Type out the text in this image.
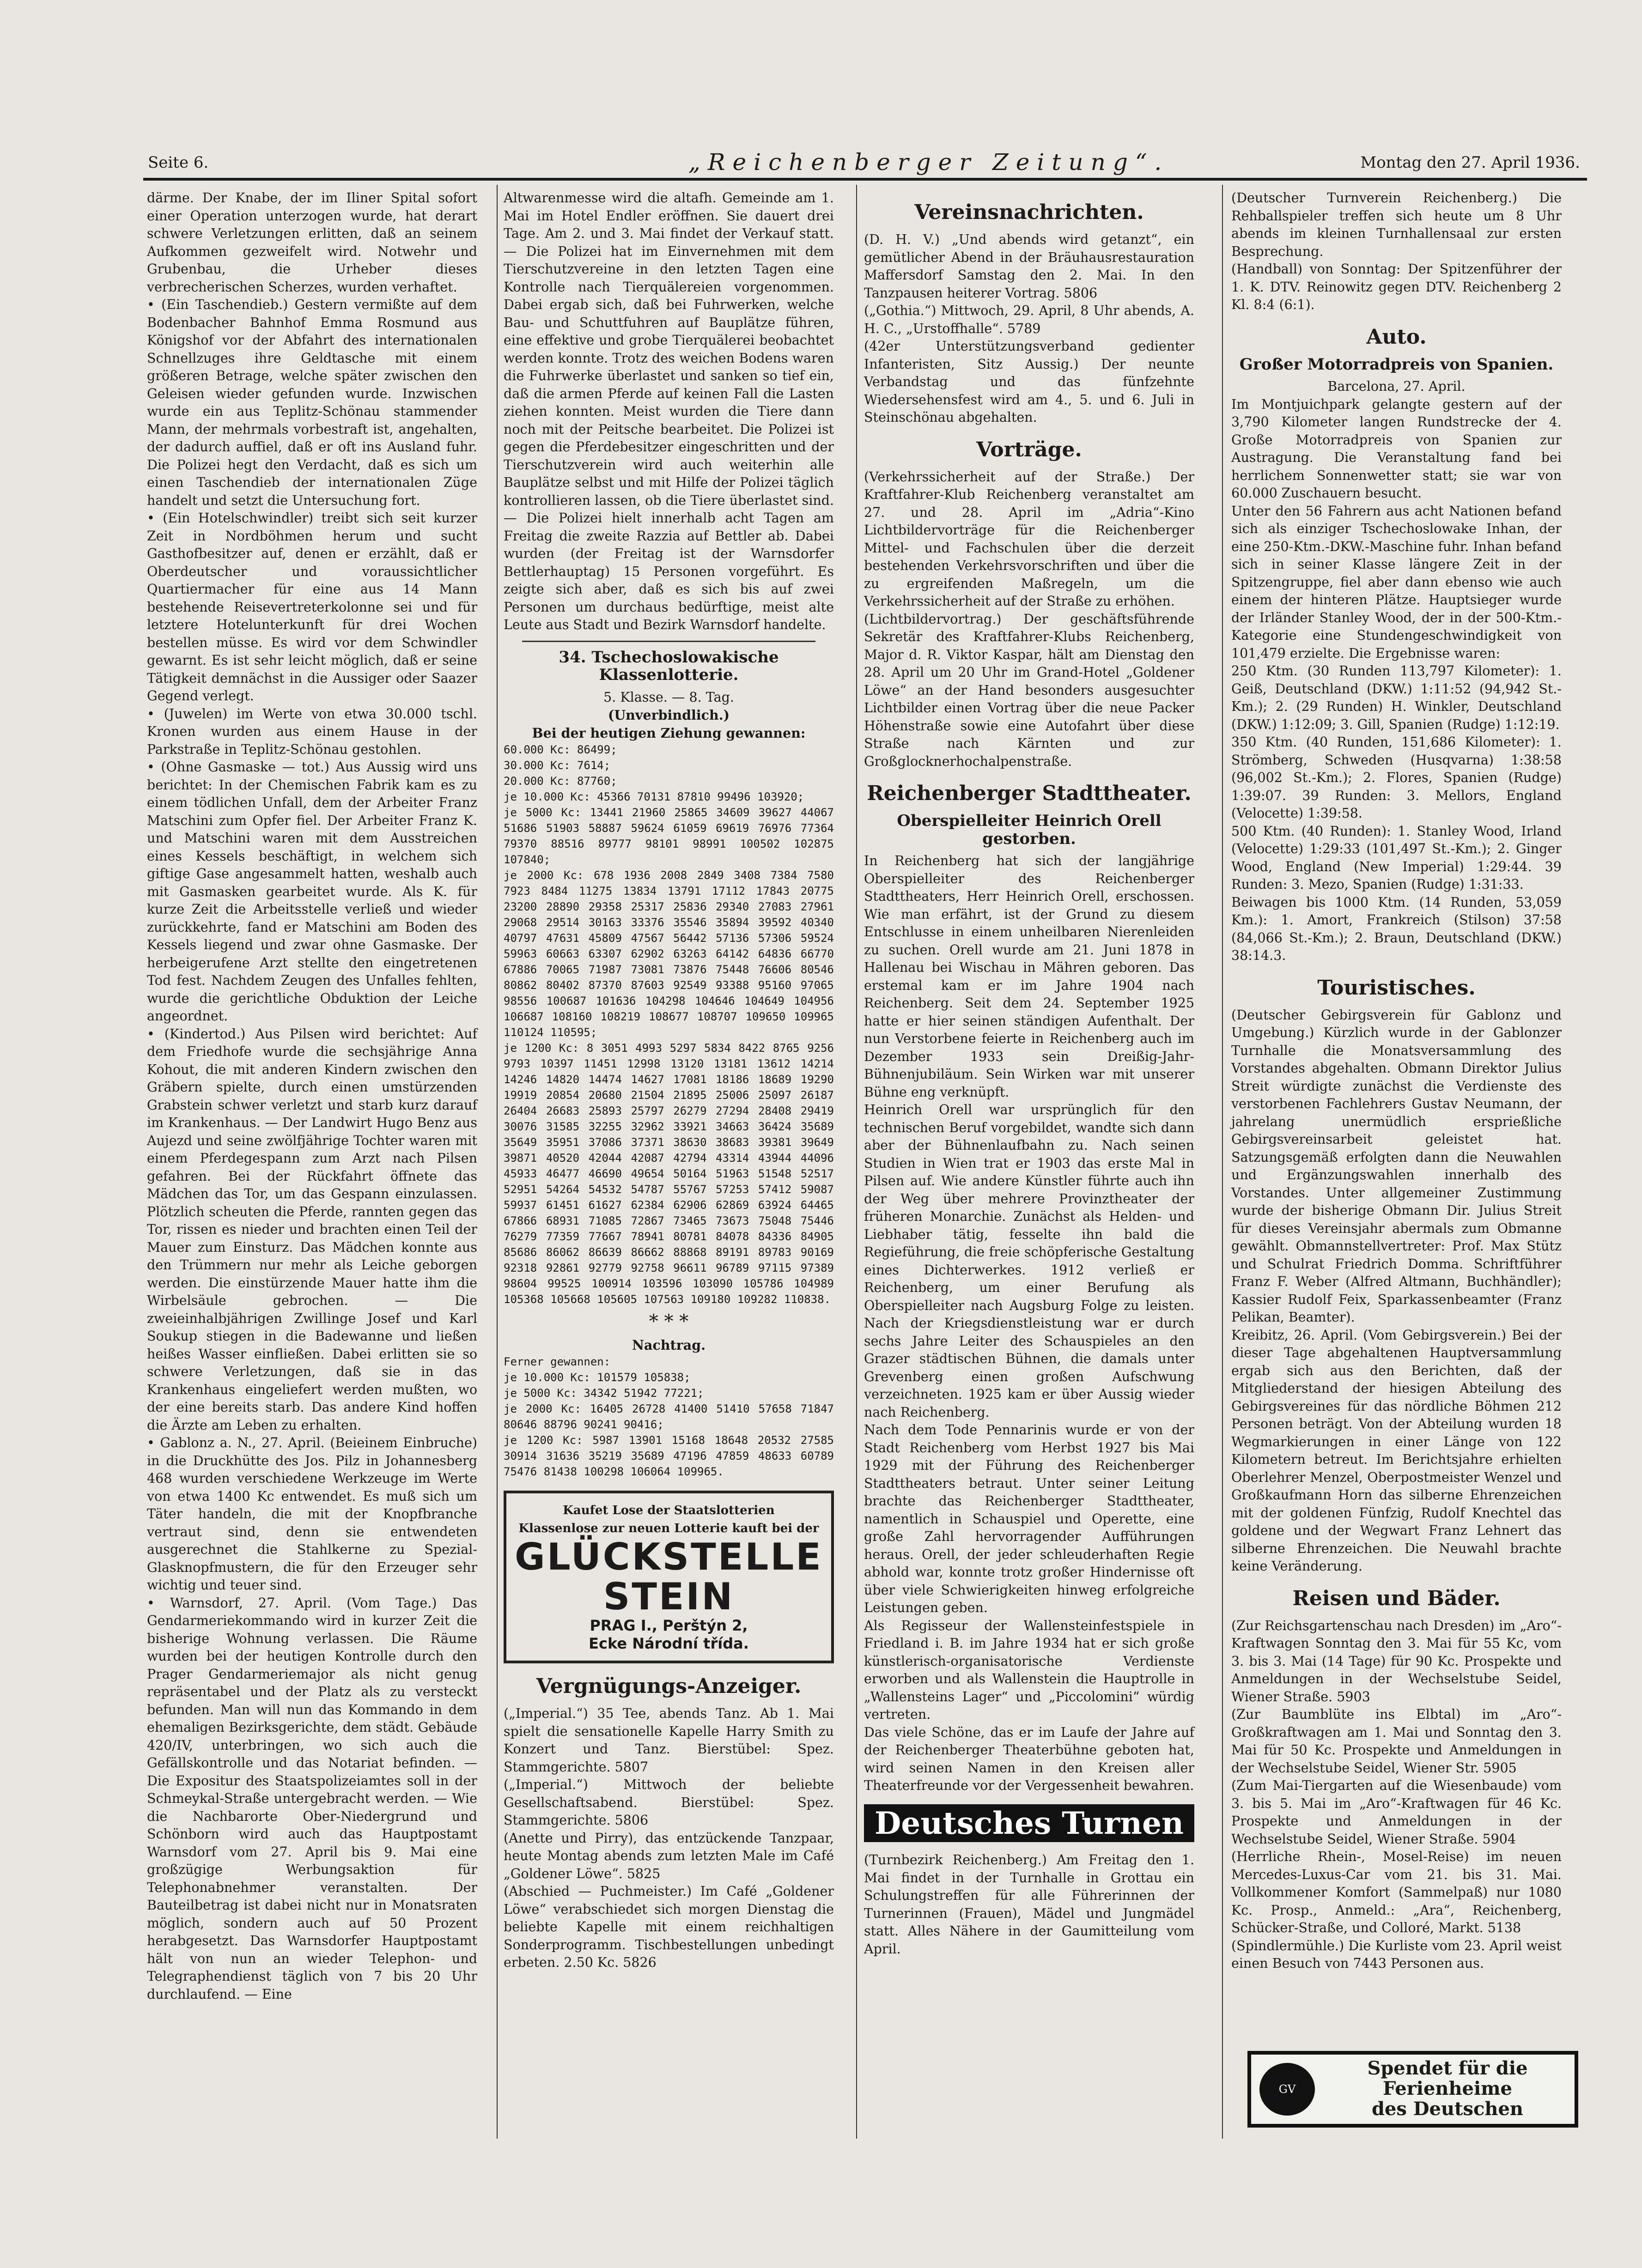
Seite 6.	„Reichenberger Zeitung“.	Montag den 27. April 1936.

därme. Der Knabe, der im Iliner Spital sofort einer Operation unterzogen wurde, hat derart schwere Verletzungen erlitten, daß an seinem Aufkommen gezweifelt wird. Notwehr und Grubenbau, die Urheber dieses verbrecherischen Scherzes, wurden verhaftet.

• (Ein Taschendieb.) Gestern vermißte auf dem Bodenbacher Bahnhof Emma Rosmund aus Königshof vor der Abfahrt des internationalen Schnellzuges ihre Geldtasche mit einem größeren Betrage, welche später zwischen den Geleisen wieder gefunden wurde. Inzwischen wurde ein aus Teplitz-Schönau stammender Mann, der mehrmals vorbestraft ist, angehalten, der dadurch auffiel, daß er oft ins Ausland fuhr. Die Polizei hegt den Verdacht, daß es sich um einen Taschendieb der internationalen Züge handelt und setzt die Untersuchung fort.

• (Ein Hotelschwindler) treibt sich seit kurzer Zeit in Nordböhmen herum und sucht Gasthofbesitzer auf, denen er erzählt, daß er Oberdeutscher und voraussichtlicher Quartiermacher für eine aus 14 Mann bestehende Reisevertreterkolonne sei und für letztere Hotelunterkunft für drei Wochen bestellen müsse. Es wird vor dem Schwindler gewarnt. Es ist sehr leicht möglich, daß er seine Tätigkeit demnächst in die Aussiger oder Saazer Gegend verlegt.

• (Juwelen) im Werte von etwa 30.000 tschl. Kronen wurden aus einem Hause in der Parkstraße in Teplitz-Schönau gestohlen.

• (Ohne Gasmaske — tot.) Aus Aussig wird uns berichtet: In der Chemischen Fabrik kam es zu einem tödlichen Unfall, dem der Arbeiter Franz Matschini zum Opfer fiel. Der Arbeiter Franz K. und Matschini waren mit dem Ausstreichen eines Kessels beschäftigt, in welchem sich giftige Gase angesammelt hatten, weshalb auch mit Gasmasken gearbeitet wurde. Als K. für kurze Zeit die Arbeitsstelle verließ und wieder zurückkehrte, fand er Matschini am Boden des Kessels liegend und zwar ohne Gasmaske. Der herbeigerufene Arzt stellte den eingetretenen Tod fest. Nachdem Zeugen des Unfalles fehlten, wurde die gerichtliche Obduktion der Leiche angeordnet.

• (Kindertod.) Aus Pilsen wird berichtet: Auf dem Friedhofe wurde die sechsjährige Anna Kohout, die mit anderen Kindern zwischen den Gräbern spielte, durch einen umstürzenden Grabstein schwer verletzt und starb kurz darauf im Krankenhaus. — Der Landwirt Hugo Benz aus Aujezd und seine zwölfjährige Tochter waren mit einem Pferdegespann zum Arzt nach Pilsen gefahren. Bei der Rückfahrt öffnete das Mädchen das Tor, um das Gespann einzulassen. Plötzlich scheuten die Pferde, rannten gegen das Tor, rissen es nieder und brachten einen Teil der Mauer zum Einsturz. Das Mädchen konnte aus den Trümmern nur mehr als Leiche geborgen werden. Die einstürzende Mauer hatte ihm die Wirbelsäule gebrochen. — Die zweieinhalbjährigen Zwillinge Josef und Karl Soukup stiegen in die Badewanne und ließen heißes Wasser einfließen. Dabei erlitten sie so schwere Verletzungen, daß sie in das Krankenhaus eingeliefert werden mußten, wo der eine bereits starb. Das andere Kind hoffen die Ärzte am Leben zu erhalten.

• Gablonz a. N., 27. April. (Beieinem Einbruche) in die Druckhütte des Jos. Pilz in Johannesberg 468 wurden verschiedene Werkzeuge im Werte von etwa 1400 Kc entwendet. Es muß sich um Täter handeln, die mit der Knopfbranche vertraut sind, denn sie entwendeten ausgerechnet die Stahlkerne zu Spezial-Glasknopfmustern, die für den Erzeuger sehr wichtig und teuer sind.

• Warnsdorf, 27. April. (Vom Tage.) Das Gendarmeriekommando wird in kurzer Zeit die bisherige Wohnung verlassen. Die Räume wurden bei der heutigen Kontrolle durch den Prager Gendarmeriemajor als nicht genug repräsentabel und der Platz als zu versteckt befunden. Man will nun das Kommando in dem ehemaligen Bezirksgerichte, dem städt. Gebäude 420/IV, unterbringen, wo sich auch die Gefällskontrolle und das Notariat befinden. — Die Expositur des Staatspolizeiamtes soll in der Schmeykal-Straße untergebracht werden. — Wie die Nachbarorte Ober-Niedergrund und Schönborn wird auch das Hauptpostamt Warnsdorf vom 27. April bis 9. Mai eine großzügige Werbungsaktion für Telephonabnehmer veranstalten. Der Bauteilbetrag ist dabei nicht nur in Monatsraten möglich, sondern auch auf 50 Prozent herabgesetzt. Das Warnsdorfer Hauptpostamt hält von nun an wieder Telephon- und Telegraphendienst täglich von 7 bis 20 Uhr durchlaufend. — Eine

Altwarenmesse wird die altafh. Gemeinde am 1. Mai im Hotel Endler eröffnen. Sie dauert drei Tage. Am 2. und 3. Mai findet der Verkauf statt. — Die Polizei hat im Einvernehmen mit dem Tierschutzvereine in den letzten Tagen eine Kontrolle nach Tierquälereien vorgenommen. Dabei ergab sich, daß bei Fuhrwerken, welche Bau- und Schuttfuhren auf Bauplätze führen, eine effektive und grobe Tierquälerei beobachtet werden konnte. Trotz des weichen Bodens waren die Fuhrwerke überlastet und sanken so tief ein, daß die armen Pferde auf keinen Fall die Lasten ziehen konnten. Meist wurden die Tiere dann noch mit der Peitsche bearbeitet. Die Polizei ist gegen die Pferdebesitzer eingeschritten und der Tierschutzverein wird auch weiterhin alle Bauplätze selbst und mit Hilfe der Polizei täglich kontrollieren lassen, ob die Tiere überlastet sind. — Die Polizei hielt innerhalb acht Tagen am Freitag die zweite Razzia auf Bettler ab. Dabei wurden (der Freitag ist der Warnsdorfer Bettlerhauptag) 15 Personen vorgeführt. Es zeigte sich aber, daß es sich bis auf zwei Personen um durchaus bedürftige, meist alte Leute aus Stadt und Bezirk Warnsdorf handelte.

34. Tschechoslowakische Klassenlotterie.
5. Klasse. — 8. Tag.
(Unverbindlich.)
Bei der heutigen Ziehung gewannen:
60.000 Kc: 86499;
30.000 Kc: 7614;
20.000 Kc: 87760;
je 10.000 Kc: 45366 70131 87810 99496 103920;
je 5000 Kc: 13441 21960 25865 34609 39627 44067 51686 51903 58887 59624 61059 69619 76976 77364 79370 88516 89777 98101 98991 100502 102875 107840;
je 2000 Kc: 678 1936 2008 2849 3408 7384 7580 7923 8484 11275 13834 13791 17112 17843 20775 23200 28890 29358 25317 25836 29340 27083 27961 29068 29514 30163 33376 35546 35894 39592 40340 40797 47631 45809 47567 56442 57136 57306 59524 59963 60663 63307 62902 63263 64142 64836 66770 67886 70065 71987 73081 73876 75448 76606 80546 80862 80402 87370 87603 92549 93388 95160 97065 98556 100687 101636 104298 104646 104649 104956 106687 108160 108219 108677 108707 109650 109965 110124 110595;
je 1200 Kc: 8 3051 4993 5297 5834 8422 8765 9256 9793 10397 11451 12998 13120 13181 13612 14214 14246 14820 14474 14627 17081 18186 18689 19290 19919 20854 20680 21504 21895 25006 25097 26187 26404 26683 25893 25797 26279 27294 28408 29419 30076 31585 32255 32962 33921 34663 36424 35689 35649 35951 37086 37371 38630 38683 39381 39649 39871 40520 42044 42087 42794 43314 43944 44096 45933 46477 46690 49654 50164 51963 51548 52517 52951 54264 54532 54787 55767 57253 57412 59087 59937 61451 61627 62384 62906 62869 63924 64465 67866 68931 71085 72867 73465 73673 75048 75446 76279 77359 77667 78941 80781 84078 84336 84905 85686 86062 86639 86662 88868 89191 89783 90169 92318 92861 92779 92758 96611 96789 97115 97389 98604 99525 100914 103596 103090 105786 104989 105368 105668 105605 107563 109180 109282 110838.
* * *
Nachtrag.
Ferner gewannen:
je 10.000 Kc: 101579 105838;
je 5000 Kc: 34342 51942 77221;
je 2000 Kc: 16405 26728 41400 51410 57658 71847 80646 88796 90241 90416;
je 1200 Kc: 5987 13901 15168 18648 20532 27585 30914 31636 35219 35689 47196 47859 48633 60789 75476 81438 100298 106064 109965.
Kaufet Lose der Staatslotterien
Klassenlose zur neuen Lotterie kauft bei der
GLÜCKSTELLE
STEIN
PRAG I., Perštýn 2,
Ecke Národní třída.
Vergnügungs-Anzeiger.

(„Imperial.“) 35 Tee, abends Tanz. Ab 1. Mai spielt die sensationelle Kapelle Harry Smith zu Konzert und Tanz. Bierstübel: Spez. Stammgerichte. 5807

(„Imperial.“) Mittwoch der beliebte Gesellschaftsabend. Bierstübel: Spez. Stammgerichte. 5806

(Anette und Pirry), das entzückende Tanzpaar, heute Montag abends zum letzten Male im Café „Goldener Löwe“. 5825

(Abschied — Puchmeister.) Im Café „Goldener Löwe“ verabschiedet sich morgen Dienstag die beliebte Kapelle mit einem reichhaltigen Sonderprogramm. Tischbestellungen unbedingt erbeten. 2.50 Kc. 5826

Vereinsnachrichten.

(D. H. V.) „Und abends wird getanzt“, ein gemütlicher Abend in der Bräuhausrestauration Maffersdorf Samstag den 2. Mai. In den Tanzpausen heiterer Vortrag. 5806

(„Gothia.“) Mittwoch, 29. April, 8 Uhr abends, A. H. C., „Urstoffhalle“. 5789

(42er Unterstützungsverband gedienter Infanteristen, Sitz Aussig.) Der neunte Verbandstag und das fünfzehnte Wiedersehensfest wird am 4., 5. und 6. Juli in Steinschönau abgehalten.

Vorträge.

(Verkehrssicherheit auf der Straße.) Der Kraftfahrer-Klub Reichenberg veranstaltet am 27. und 28. April im „Adria“-Kino Lichtbildervorträge für die Reichenberger Mittel- und Fachschulen über die derzeit bestehenden Verkehrsvorschriften und über die zu ergreifenden Maßregeln, um die Verkehrssicherheit auf der Straße zu erhöhen.

(Lichtbildervortrag.) Der geschäftsführende Sekretär des Kraftfahrer-Klubs Reichenberg, Major d. R. Viktor Kaspar, hält am Dienstag den 28. April um 20 Uhr im Grand-Hotel „Goldener Löwe“ an der Hand besonders ausgesuchter Lichtbilder einen Vortrag über die neue Packer Höhenstraße sowie eine Autofahrt über diese Straße nach Kärnten und zur Großglocknerhochalpenstraße.

Reichenberger Stadttheater.
Oberspielleiter Heinrich Orell gestorben.

In Reichenberg hat sich der langjährige Oberspielleiter des Reichenberger Stadttheaters, Herr Heinrich Orell, erschossen. Wie man erfährt, ist der Grund zu diesem Entschlusse in einem unheilbaren Nierenleiden zu suchen. Orell wurde am 21. Juni 1878 in Hallenau bei Wischau in Mähren geboren. Das erstemal kam er im Jahre 1904 nach Reichenberg. Seit dem 24. September 1925 hatte er hier seinen ständigen Aufenthalt. Der nun Verstorbene feierte in Reichenberg auch im Dezember 1933 sein Dreißig-Jahr-Bühnenjubiläum. Sein Wirken war mit unserer Bühne eng verknüpft.

Heinrich Orell war ursprünglich für den technischen Beruf vorgebildet, wandte sich dann aber der Bühnenlaufbahn zu. Nach seinen Studien in Wien trat er 1903 das erste Mal in Pilsen auf. Wie andere Künstler führte auch ihn der Weg über mehrere Provinztheater der früheren Monarchie. Zunächst als Helden- und Liebhaber tätig, fesselte ihn bald die Regieführung, die freie schöpferische Gestaltung eines Dichterwerkes. 1912 verließ er Reichenberg, um einer Berufung als Oberspielleiter nach Augsburg Folge zu leisten. Nach der Kriegsdienstleistung war er durch sechs Jahre Leiter des Schauspieles an den Grazer städtischen Bühnen, die damals unter Grevenberg einen großen Aufschwung verzeichneten. 1925 kam er über Aussig wieder nach Reichenberg.

Nach dem Tode Pennarinis wurde er von der Stadt Reichenberg vom Herbst 1927 bis Mai 1929 mit der Führung des Reichenberger Stadttheaters betraut. Unter seiner Leitung brachte das Reichenberger Stadttheater, namentlich in Schauspiel und Operette, eine große Zahl hervorragender Aufführungen heraus. Orell, der jeder schleuderhaften Regie abhold war, konnte trotz großer Hindernisse oft über viele Schwierigkeiten hinweg erfolgreiche Leistungen geben.

Als Regisseur der Wallensteinfestspiele in Friedland i. B. im Jahre 1934 hat er sich große künstlerisch-organisatorische Verdienste erworben und als Wallenstein die Hauptrolle in „Wallensteins Lager“ und „Piccolomini“ würdig vertreten.

Das viele Schöne, das er im Laufe der Jahre auf der Reichenberger Theaterbühne geboten hat, wird seinen Namen in den Kreisen aller Theaterfreunde vor der Vergessenheit bewahren.

Deutsches Turnen

(Turnbezirk Reichenberg.) Am Freitag den 1. Mai findet in der Turnhalle in Grottau ein Schulungstreffen für alle Führerinnen der Turnerinnen (Frauen), Mädel und Jungmädel statt. Alles Nähere in der Gaumitteilung vom April.

(Deutscher Turnverein Reichenberg.) Die Rehballspieler treffen sich heute um 8 Uhr abends im kleinen Turnhallensaal zur ersten Besprechung.

(Handball) von Sonntag: Der Spitzenführer der 1. K. DTV. Reinowitz gegen DTV. Reichenberg 2 Kl. 8:4 (6:1).

Auto.
Großer Motorradpreis von Spanien.

Barcelona, 27. April.

Im Montjuichpark gelangte gestern auf der 3,790 Kilometer langen Rundstrecke der 4. Große Motorradpreis von Spanien zur Austragung. Die Veranstaltung fand bei herrlichem Sonnenwetter statt; sie war von 60.000 Zuschauern besucht.

Unter den 56 Fahrern aus acht Nationen befand sich als einziger Tschechoslowake Inhan, der eine 250-Ktm.-DKW.-Maschine fuhr. Inhan befand sich in seiner Klasse längere Zeit in der Spitzengruppe, fiel aber dann ebenso wie auch einem der hinteren Plätze. Hauptsieger wurde der Irländer Stanley Wood, der in der 500-Ktm.-Kategorie eine Stundengeschwindigkeit von 101,479 erzielte. Die Ergebnisse waren:

250 Ktm. (30 Runden 113,797 Kilometer): 1. Geiß, Deutschland (DKW.) 1:11:52 (94,942 St.-Km.); 2. (29 Runden) H. Winkler, Deutschland (DKW.) 1:12:09; 3. Gill, Spanien (Rudge) 1:12:19.

350 Ktm. (40 Runden, 151,686 Kilometer): 1. Strömberg, Schweden (Husqvarna) 1:38:58 (96,002 St.-Km.); 2. Flores, Spanien (Rudge) 1:39:07. 39 Runden: 3. Mellors, England (Velocette) 1:39:58.

500 Ktm. (40 Runden): 1. Stanley Wood, Irland (Velocette) 1:29:33 (101,497 St.-Km.); 2. Ginger Wood, England (New Imperial) 1:29:44. 39 Runden: 3. Mezo, Spanien (Rudge) 1:31:33.

Beiwagen bis 1000 Ktm. (14 Runden, 53,059 Km.): 1. Amort, Frankreich (Stilson) 37:58 (84,066 St.-Km.); 2. Braun, Deutschland (DKW.) 38:14.3.

Touristisches.

(Deutscher Gebirgsverein für Gablonz und Umgebung.) Kürzlich wurde in der Gablonzer Turnhalle die Monatsversammlung des Vorstandes abgehalten. Obmann Direktor Julius Streit würdigte zunächst die Verdienste des verstorbenen Fachlehrers Gustav Neumann, der jahrelang unermüdlich ersprießliche Gebirgsvereinsarbeit geleistet hat. Satzungsgemäß erfolgten dann die Neuwahlen und Ergänzungswahlen innerhalb des Vorstandes. Unter allgemeiner Zustimmung wurde der bisherige Obmann Dir. Julius Streit für dieses Vereinsjahr abermals zum Obmanne gewählt. Obmannstellvertreter: Prof. Max Stütz und Schulrat Friedrich Domma. Schriftführer Franz F. Weber (Alfred Altmann, Buchhändler); Kassier Rudolf Feix, Sparkassenbeamter (Franz Pelikan, Beamter).

Kreibitz, 26. April. (Vom Gebirgsverein.) Bei der dieser Tage abgehaltenen Hauptversammlung ergab sich aus den Berichten, daß der Mitgliederstand der hiesigen Abteilung des Gebirgsvereines für das nördliche Böhmen 212 Personen beträgt. Von der Abteilung wurden 18 Wegmarkierungen in einer Länge von 122 Kilometern betreut. Im Berichtsjahre erhielten Oberlehrer Menzel, Oberpostmeister Wenzel und Großkaufmann Horn das silberne Ehrenzeichen mit der goldenen Fünfzig, Rudolf Knechtel das goldene und der Wegwart Franz Lehnert das silberne Ehrenzeichen. Die Neuwahl brachte keine Veränderung.

Reisen und Bäder.

(Zur Reichsgartenschau nach Dresden) im „Aro“-Kraftwagen Sonntag den 3. Mai für 55 Kc, vom 3. bis 3. Mai (14 Tage) für 90 Kc. Prospekte und Anmeldungen in der Wechselstube Seidel, Wiener Straße. 5903

(Zur Baumblüte ins Elbtal) im „Aro“-Großkraftwagen am 1. Mai und Sonntag den 3. Mai für 50 Kc. Prospekte und Anmeldungen in der Wechselstube Seidel, Wiener Str. 5905

(Zum Mai-Tiergarten auf die Wiesenbaude) vom 3. bis 5. Mai im „Aro“-Kraftwagen für 46 Kc. Prospekte und Anmeldungen in der Wechselstube Seidel, Wiener Straße. 5904

(Herrliche Rhein-, Mosel-Reise) im neuen Mercedes-Luxus-Car vom 21. bis 31. Mai. Vollkommener Komfort (Sammelpaß) nur 1080 Kc. Prosp., Anmeld.: „Ara“, Reichenberg, Schücker-Straße, und Colloré, Markt. 5138

(Spindlermühle.) Die Kurliste vom 23. April weist einen Besuch von 7443 Personen aus.

GV
Spendet für die
Ferienheime
des Deutschen
